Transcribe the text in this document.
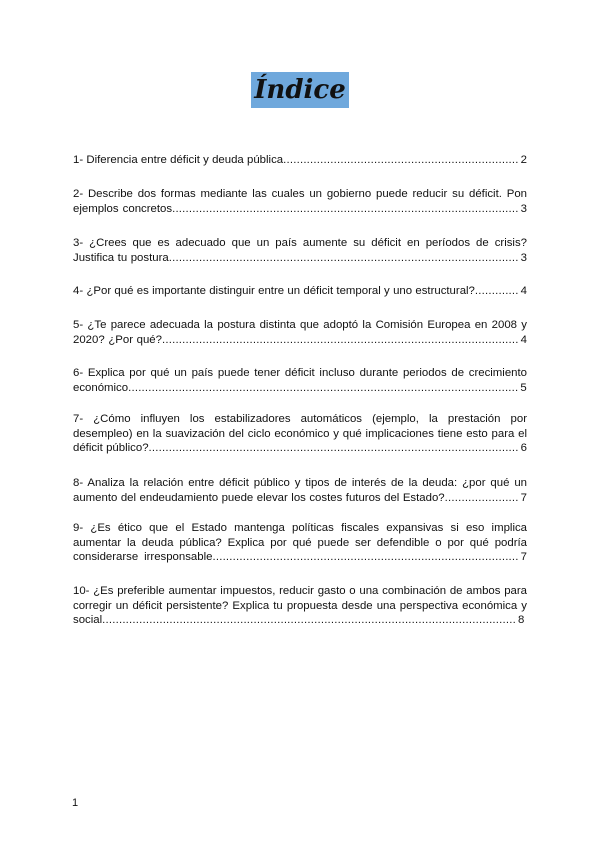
Índice
1- Diferencia entre déficit y deuda pública...................................................................... 2
2- Describe dos formas mediante las cuales un gobierno puede reducir su déficit. Pon ejemplos concretos....................................................................................................... 3
3- ¿Crees que es adecuado que un país aumente su déficit en períodos de crisis? Justifica tu postura........................................................................................................ 3
4- ¿Por qué es importante distinguir entre un déficit temporal y uno estructural?............. 4
5- ¿Te parece adecuada la postura distinta que adoptó la Comisión Europea en 2008 y 2020? ¿Por qué?.......................................................................................................... 4
6- Explica por qué un país puede tener déficit incluso durante periodos de crecimiento económico.................................................................................................................... 5
7- ¿Cómo influyen los estabilizadores automáticos (ejemplo, la prestación por desempleo) en la suavización del ciclo económico y qué implicaciones tiene esto para el déficit público?.............................................................................................................. 6
8- Analiza la relación entre déficit público y tipos de interés de la deuda: ¿por qué un aumento del endeudamiento puede elevar los costes futuros del Estado?...................... 7
9- ¿Es ético que el Estado mantenga políticas fiscales expansivas si eso implica aumentar la deuda pública? Explica por qué puede ser defendible o por qué podría considerarse irresponsable........................................................................................... 7
10- ¿Es preferible aumentar impuestos, reducir gasto o una combinación de ambos para corregir un déficit persistente? Explica tu propuesta desde una perspectiva económica y social........................................................................................................................... 8
1
